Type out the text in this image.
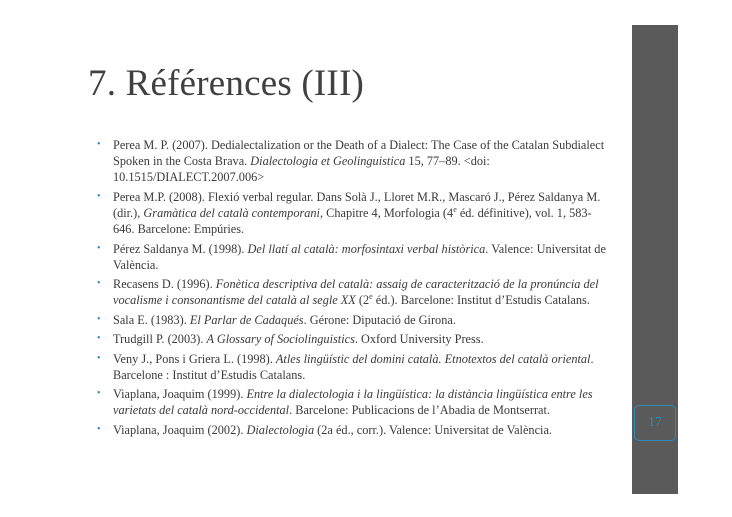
17
7. Références (III)
• Perea M. P. (2007). Dedialectalization or the Death of a Dialect: The Case of the Catalan Subdialect Spoken in the Costa Brava. Dialectologia et Geolinguistica 15, 77–89. <doi: 10.1515/DIALECT.2007.006>
• Perea M.P. (2008). Flexió verbal regular. Dans Solà J., Lloret M.R., Mascaró J., Pérez Saldanya M. (dir.), Gramàtica del català contemporani, Chapitre 4, Morfologia (4e éd. définitive), vol. 1, 583-646. Barcelone: Empúries.
• Pérez Saldanya M. (1998). Del llatí al català: morfosintaxi verbal històrica. Valence: Universitat de València.
• Recasens D. (1996). Fonètica descriptiva del català: assaig de caracterització de la pronúncia del vocalisme i consonantisme del català al segle XX (2e éd.). Barcelone: Institut d’Estudis Catalans.
• Sala E. (1983). El Parlar de Cadaqués. Gérone: Diputació de Girona.
• Trudgill P. (2003). A Glossary of Sociolinguistics. Oxford University Press.
• Veny J., Pons i Griera L. (1998). Atles lingüístic del domini català. Etnotextos del català oriental. Barcelone : Institut d’Estudis Catalans.
• Viaplana, Joaquim (1999). Entre la dialectologia i la lingüística: la distància lingüística entre les varietats del català nord-occidental. Barcelone: Publicacions de l’Abadia de Montserrat.
• Viaplana, Joaquim (2002). Dialectologia (2a éd., corr.). Valence: Universitat de València.
